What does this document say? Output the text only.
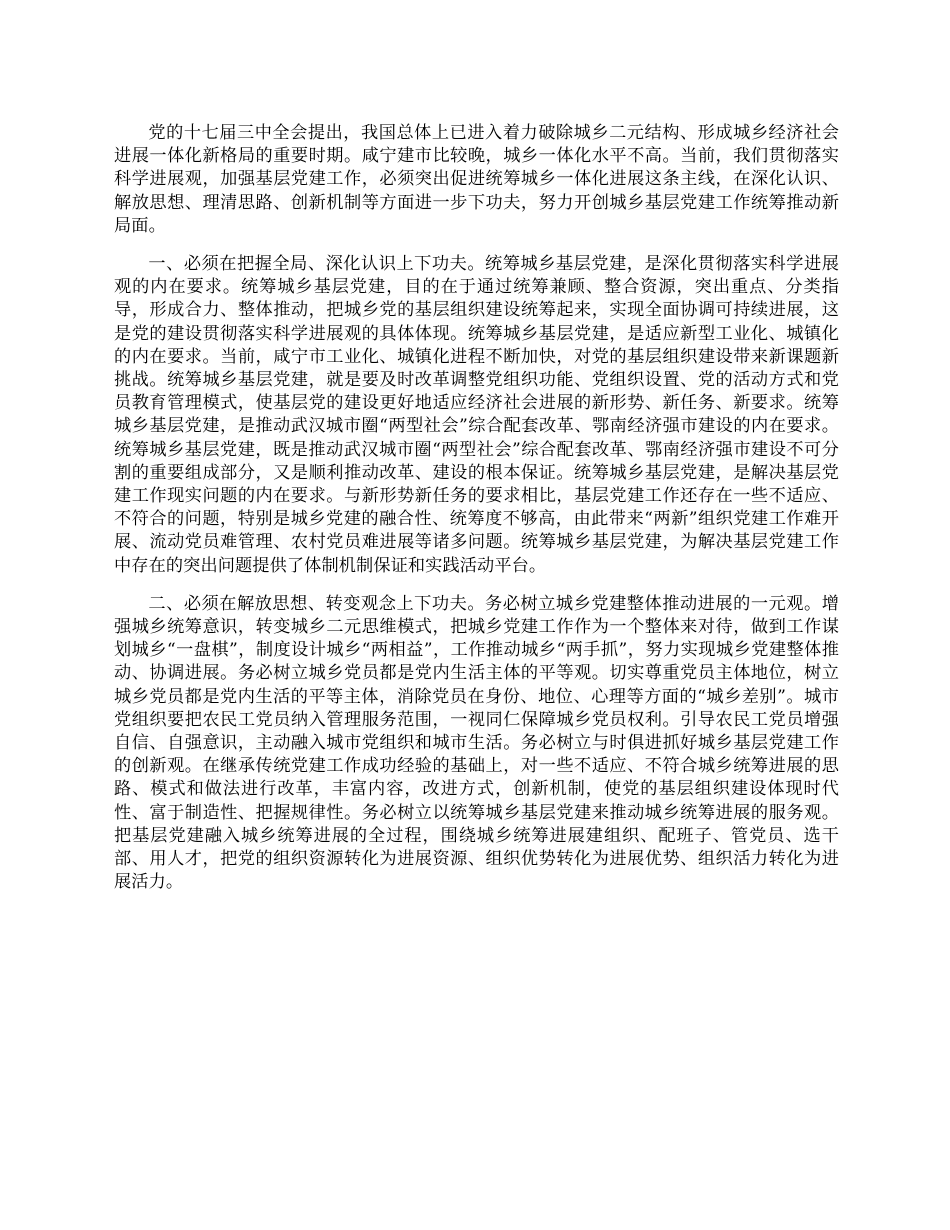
党的十七届三中全会提出，我国总体上已进入着力破除城乡二元结构、形成城乡经济社会进展一体化新格局的重要时期。咸宁建市比较晚，城乡一体化水平不高。当前，我们贯彻落实科学进展观，加强基层党建工作，必须突出促进统筹城乡一体化进展这条主线，在深化认识、解放思想、理清思路、创新机制等方面进一步下功夫，努力开创城乡基层党建工作统筹推动新局面。

一、必须在把握全局、深化认识上下功夫。统筹城乡基层党建，是深化贯彻落实科学进展观的内在要求。统筹城乡基层党建，目的在于通过统筹兼顾、整合资源，突出重点、分类指导，形成合力、整体推动，把城乡党的基层组织建设统筹起来，实现全面协调可持续进展，这是党的建设贯彻落实科学进展观的具体体现。统筹城乡基层党建，是适应新型工业化、城镇化的内在要求。当前，咸宁市工业化、城镇化进程不断加快，对党的基层组织建设带来新课题新挑战。统筹城乡基层党建，就是要及时改革调整党组织功能、党组织设置、党的活动方式和党员教育管理模式，使基层党的建设更好地适应经济社会进展的新形势、新任务、新要求。统筹城乡基层党建，是推动武汉城市圈“两型社会”综合配套改革、鄂南经济强市建设的内在要求。统筹城乡基层党建，既是推动武汉城市圈“两型社会”综合配套改革、鄂南经济强市建设不可分割的重要组成部分，又是顺利推动改革、建设的根本保证。统筹城乡基层党建，是解决基层党建工作现实问题的内在要求。与新形势新任务的要求相比，基层党建工作还存在一些不适应、不符合的问题，特别是城乡党建的融合性、统筹度不够高，由此带来“两新”组织党建工作难开展、流动党员难管理、农村党员难进展等诸多问题。统筹城乡基层党建，为解决基层党建工作中存在的突出问题提供了体制机制保证和实践活动平台。

二、必须在解放思想、转变观念上下功夫。务必树立城乡党建整体推动进展的一元观。增强城乡统筹意识，转变城乡二元思维模式，把城乡党建工作作为一个整体来对待，做到工作谋划城乡“一盘棋”，制度设计城乡“两相益”，工作推动城乡“两手抓”，努力实现城乡党建整体推动、协调进展。务必树立城乡党员都是党内生活主体的平等观。切实尊重党员主体地位，树立城乡党员都是党内生活的平等主体，消除党员在身份、地位、心理等方面的“城乡差别”。城市党组织要把农民工党员纳入管理服务范围，一视同仁保障城乡党员权利。引导农民工党员增强自信、自强意识，主动融入城市党组织和城市生活。务必树立与时俱进抓好城乡基层党建工作的创新观。在继承传统党建工作成功经验的基础上，对一些不适应、不符合城乡统筹进展的思路、模式和做法进行改革，丰富内容，改进方式，创新机制，使党的基层组织建设体现时代性、富于制造性、把握规律性。务必树立以统筹城乡基层党建来推动城乡统筹进展的服务观。把基层党建融入城乡统筹进展的全过程，围绕城乡统筹进展建组织、配班子、管党员、选干部、用人才，把党的组织资源转化为进展资源、组织优势转化为进展优势、组织活力转化为进展活力。
